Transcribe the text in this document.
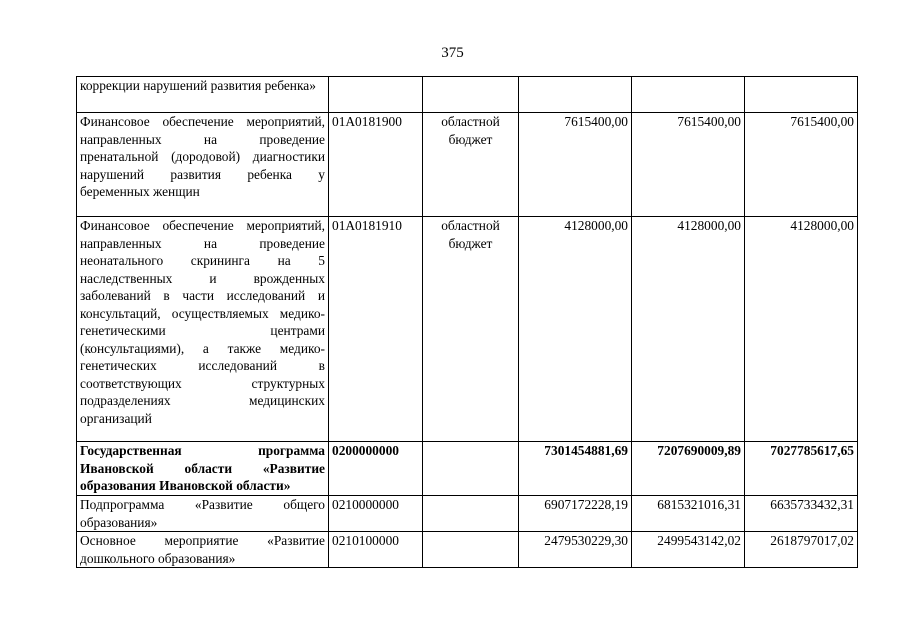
375
коррекции нарушений развития ребенка»					

Финансовое обеспечение мероприятий, направленных на проведение пренатальной (дородовой) диагностики нарушений развития ребенка у беременных женщин	01А0181900	областной бюджет	7615400,00	7615400,00	7615400,00

Финансовое обеспечение мероприятий, направленных на проведение неонатального скрининга на 5 наследственных и врожденных заболеваний в части исследований и консультаций, осуществляемых медико-генетическими центрами (консультациями), а также медико-генетических исследований в соответствующих структурных подразделениях медицинских организаций	01А0181910	областной бюджет	4128000,00	4128000,00	4128000,00

Государственная программа Ивановской области «Развитие образования Ивановской области»	0200000000		7301454881,69	7207690009,89	7027785617,65

Подпрограмма «Развитие общего образования»	0210000000		6907172228,19	6815321016,31	6635733432,31

Основное мероприятие «Развитие дошкольного образования»	0210100000		2479530229,30	2499543142,02	2618797017,02
